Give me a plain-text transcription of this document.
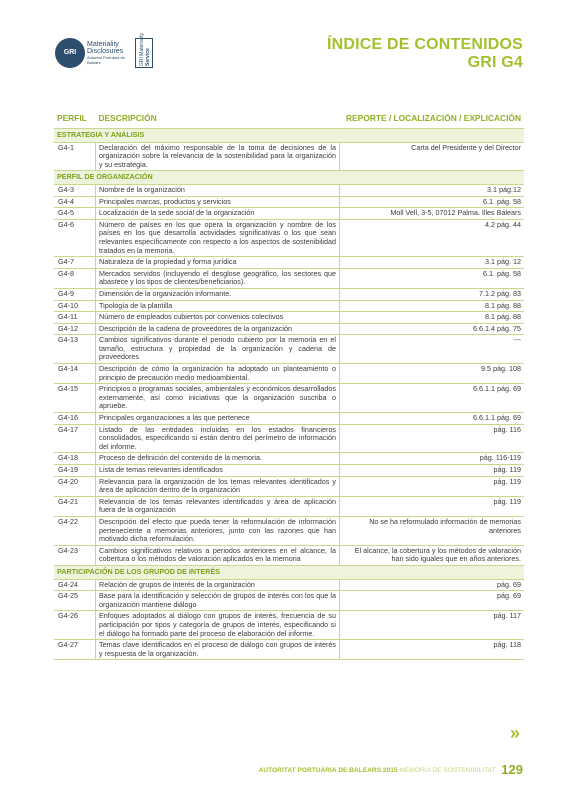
GRI
Materiality
Disclosures
Autoritat Portuària de Balears	GRI Materiality Service
ÍNDICE DE CONTENIDOS
GRI G4
PERFIL	DESCRIPCIÓN	REPORTE / LOCALIZACIÓN / EXPLICACIÓN
ESTRATEGIA Y ANÁLISIS		
G4-1	Declaración del máximo responsable de la toma de decisiones de la organización sobre la relevancia de la sostenibilidad para la organización y su estrategia.	Carta del Presidente y del Director
PERFIL DE ORGANIZACIÓN		
G4-3	Nombre de la organización	3.1 pág.12
G4-4	Principales marcas, productos y servicios	6.1. pág. 58
G4-5	Localización de la sede social de la organización	Moll Vell, 3-5, 07012 Palma. Illes Balears
G4-6	Número de países en los que opera la organización y nombre de los países en los que desarrolla actividades significativas o los que sean relevantes específicamente con respecto a los aspectos de sostenibilidad tratados en la memoria.	4.2 pág. 44
G4-7	Naturaleza de la propiedad y forma jurídica	3.1 pág. 12
G4-8	Mercados servidos (incluyendo el desglose geográfico, los sectores que abastece y los tipos de clientes/beneficiarios).	6.1. pág. 58
G4-9	Dimensión de la organización informante.	7.1.2 pág. 83
G4-10	Tipología de la plantilla	8.1 pág. 88
G4-11	Número de empleados cubiertos por convenios colectivos	8.1 pág. 88
G4-12	Descripción de la cadena de proveedores de la organización	6.6.1.4 pág. 75
G4-13	Cambios significativos durante el periodo cubierto por la memoria en el tamaño, estructura y propiedad de la organización y cadena de proveedores	---
G4-14	Descripción de cómo la organización ha adoptado un planteamiento o principio de precaución medio medioambiental.	9.5 pág. 108
G4-15	Principios o programas sociales, ambientales y económicos desarrollados externamente, así como iniciativas que la organización suscriba o apruebe.	6.6.1.1 pág. 69
G4-16	Principales organizaciones a las que pertenece	6.6.1.1 pág. 69
G4-17	Listado de las entidades incluidas en los estados financieros consolidados, especificando si están dentro del perímetro de información del informe.	pág. 116
G4-18	Proceso de definición del contenido de la memoria.	pág. 116-119
G4-19	Lista de temas relevantes identificados	pág. 119
G4-20	Relevancia para la organización de los temas relevantes identificados y área de aplicación dentro de la organización	pág. 119
G4-21	Relevancia de los temas relevantes identificados y área de aplicación fuera de la organización	pág. 119
G4-22	Descripción del efecto que pueda tener la reformulación de información perteneciente a memorias anteriores, junto con las razones que han motivado dicha reformulación.	No se ha reformulado información de memorias anteriores
G4-23	Cambios significativos relativos a periodos anteriores en el alcance, la cobertura o los métodos de valoración aplicados en la memoria	El alcance, la cobertura y los métodos de valoración han sido iguales que en años anteriores.
PARTICIPACIÓN DE LOS GRUPOD DE INTERÉS		
G4-24	Relación de grupos de interés de la organización	pág. 69
G4-25	Base para la identificación y selección de grupos de interés con los que la organización mantiene diálogo	pág. 69
G4-26	Enfoques adoptados al diálogo con grupos de interés, frecuencia de su participación por tipos y categoría de grupos de interés, especificando si el diálogo ha formado parte del proceso de elaboración del informe.	pág. 117
G4-27	Temas clave identificados en el proceso de diálogo con grupos de interés y respuesta de la organización.	pág. 118
»
AUTORITAT PORTUÀRIA DE BALEARS 2015 MEMÒRIA DE SOSTENIBILITAT 129
